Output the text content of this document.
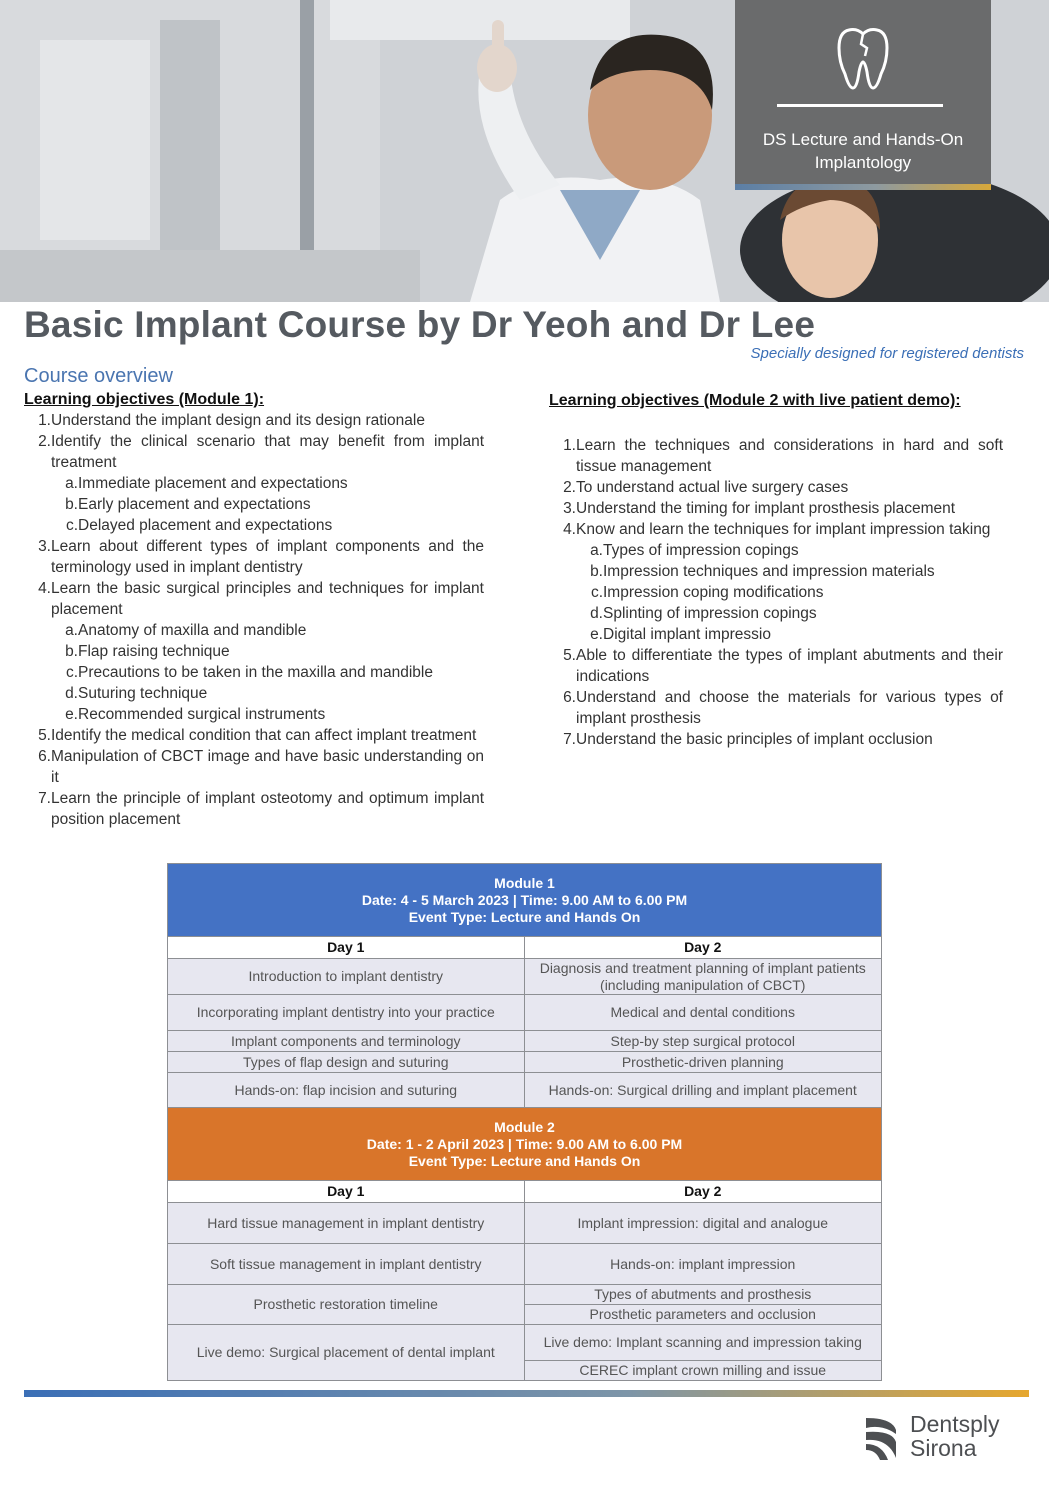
DS Lecture and Hands-On Implantology
Basic Implant Course by Dr Yeoh and Dr Lee
Specially designed for registered dentists
Course overview
Learning objectives (Module 1):
1. Understand the implant design and its design rationale
2. Identify the clinical scenario that may benefit from implant treatment
a. Immediate placement and expectations
b. Early placement and expectations
c. Delayed placement and expectations
3. Learn about different types of implant components and the terminology used in implant dentistry
4. Learn the basic surgical principles and techniques for implant placement
a. Anatomy of maxilla and mandible
b. Flap raising technique
c. Precautions to be taken in the maxilla and mandible
d. Suturing technique
e. Recommended surgical instruments
5. Identify the medical condition that can affect implant treatment
6. Manipulation of CBCT image and have basic understanding on it
7. Learn the principle of implant osteotomy and optimum implant position placement
Learning objectives (Module 2 with live patient demo):
1. Learn the techniques and considerations in hard and soft tissue management
2. To understand actual live surgery cases
3. Understand the timing for implant prosthesis placement
4. Know and learn the techniques for implant impression taking
a. Types of impression copings
b. Impression techniques and impression materials
c. Impression coping modifications
d. Splinting of impression copings
e. Digital implant impressio
5. Able to differentiate the types of implant abutments and their indications
6. Understand and choose the materials for various types of implant prosthesis
7. Understand the basic principles of implant occlusion
Module 1
Date: 4 - 5 March 2023 | Time: 9.00 AM to 6.00 PM
Event Type: Lecture and Hands On	

Day 1	Day 2
Introduction to implant dentistry	Diagnosis and treatment planning of implant patients (including manipulation of CBCT)
Incorporating implant dentistry into your practice	Medical and dental conditions
Implant components and terminology	Step-by step surgical protocol
Types of flap design and suturing	Prosthetic-driven planning
Hands-on: flap incision and suturing	Hands-on: Surgical drilling and implant placement

Module 2
Date: 1 - 2 April 2023 | Time: 9.00 AM to 6.00 PM
Event Type: Lecture and Hands On	

Day 1	Day 2
Hard tissue management in implant dentistry	Implant impression: digital and analogue
Soft tissue management in implant dentistry	Hands-on: implant impression
Prosthetic restoration timeline	Types of abutments and prosthesis
	Prosthetic parameters and occlusion
Live demo: Surgical placement of dental implant	Live demo: Implant scanning and impression taking
	CEREC implant crown milling and issue
Dentsply
Sirona
